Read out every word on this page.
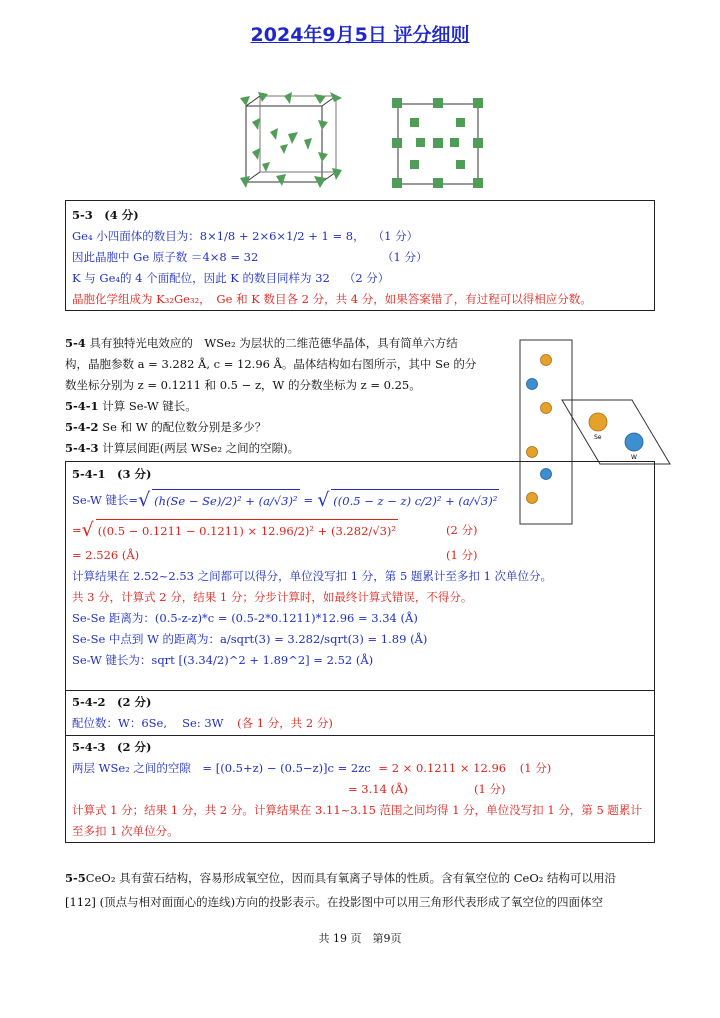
2024年9月5日 评分细则
5-3　(4 分)
Ge₄ 小四面体的数目为：8×1/8 + 2×6×1/2 + 1 = 8， （1 分）
因此晶胞中 Ge 原子数 ＝4×8 = 32	（1 分）
K 与 Ge₄的 4 个面配位，因此 K 的数目同样为 32 （2 分）
晶胞化学组成为 K₃₂Ge₃₂，　Ge 和 K 数目各 2 分，共 4 分，如果答案错了，有过程可以得相应分数。
5-4 具有独特光电效应的　WSe₂ 为层状的二维范德华晶体，具有简单六方结
构，晶胞参数 a = 3.282 Å, c = 12.96 Å。晶体结构如右图所示，其中 Se 的分
数坐标分别为 z = 0.1211 和 0.5 − z，W 的分数坐标为 z = 0.25。
5-4-1 计算 Se-W 键长。
5-4-2 Se 和 W 的配位数分别是多少？
5-4-3 计算层间距(两层 WSe₂ 之间的空隙)。
Se
W
5-4-1　(3 分)
Se-W 键长= √ (h(Se − Se)/2)² + (a/√3)² = √ ((0.5 − z − z) c/2)² + (a/√3)²
= √ ((0.5 − 0.1211 − 0.1211) × 12.96/2)² + (3.282/√3)²	(2 分)
= 2.526 (Å)	(1 分)
计算结果在 2.52~2.53 之间都可以得分，单位没写扣 1 分，第 5 题累计至多扣 1 次单位分。
共 3 分，计算式 2 分，结果 1 分；分步计算时，如最终计算式错误，不得分。
Se-Se 距离为：(0.5-z-z)*c = (0.5-2*0.1211)*12.96 = 3.34 (Å)
Se-Se 中点到 W 的距离为：a/sqrt(3) = 3.282/sqrt(3) = 1.89 (Å)
Se-W 键长为：sqrt [(3.34/2)^2 + 1.89^2] = 2.52 (Å)
5-4-2　(2 分)
配位数：W：6Se,　 Se: 3W (各 1 分，共 2 分)
5-4-3　(2 分)
两层 WSe₂ 之间的空隙　= [(0.5+z) − (0.5−z)]c = 2zc = 2 × 0.1211 × 12.96 (1 分)
= 3.14 (Å)	(1 分)

计算式 1 分；结果 1 分，共 2 分。计算结果在 3.11~3.15 范围之间均得 1 分，单位没写扣 1 分，第 5 题累计至多扣 1 次单位分。
5-5CeO₂ 具有萤石结构，容易形成氧空位，因而具有氧离子导体的性质。含有氧空位的 CeO₂ 结构可以用沿
[112] (顶点与相对面面心的连线)方向的投影表示。在投影图中可以用三角形代表形成了氧空位的四面体空
共 19 页　第9页
